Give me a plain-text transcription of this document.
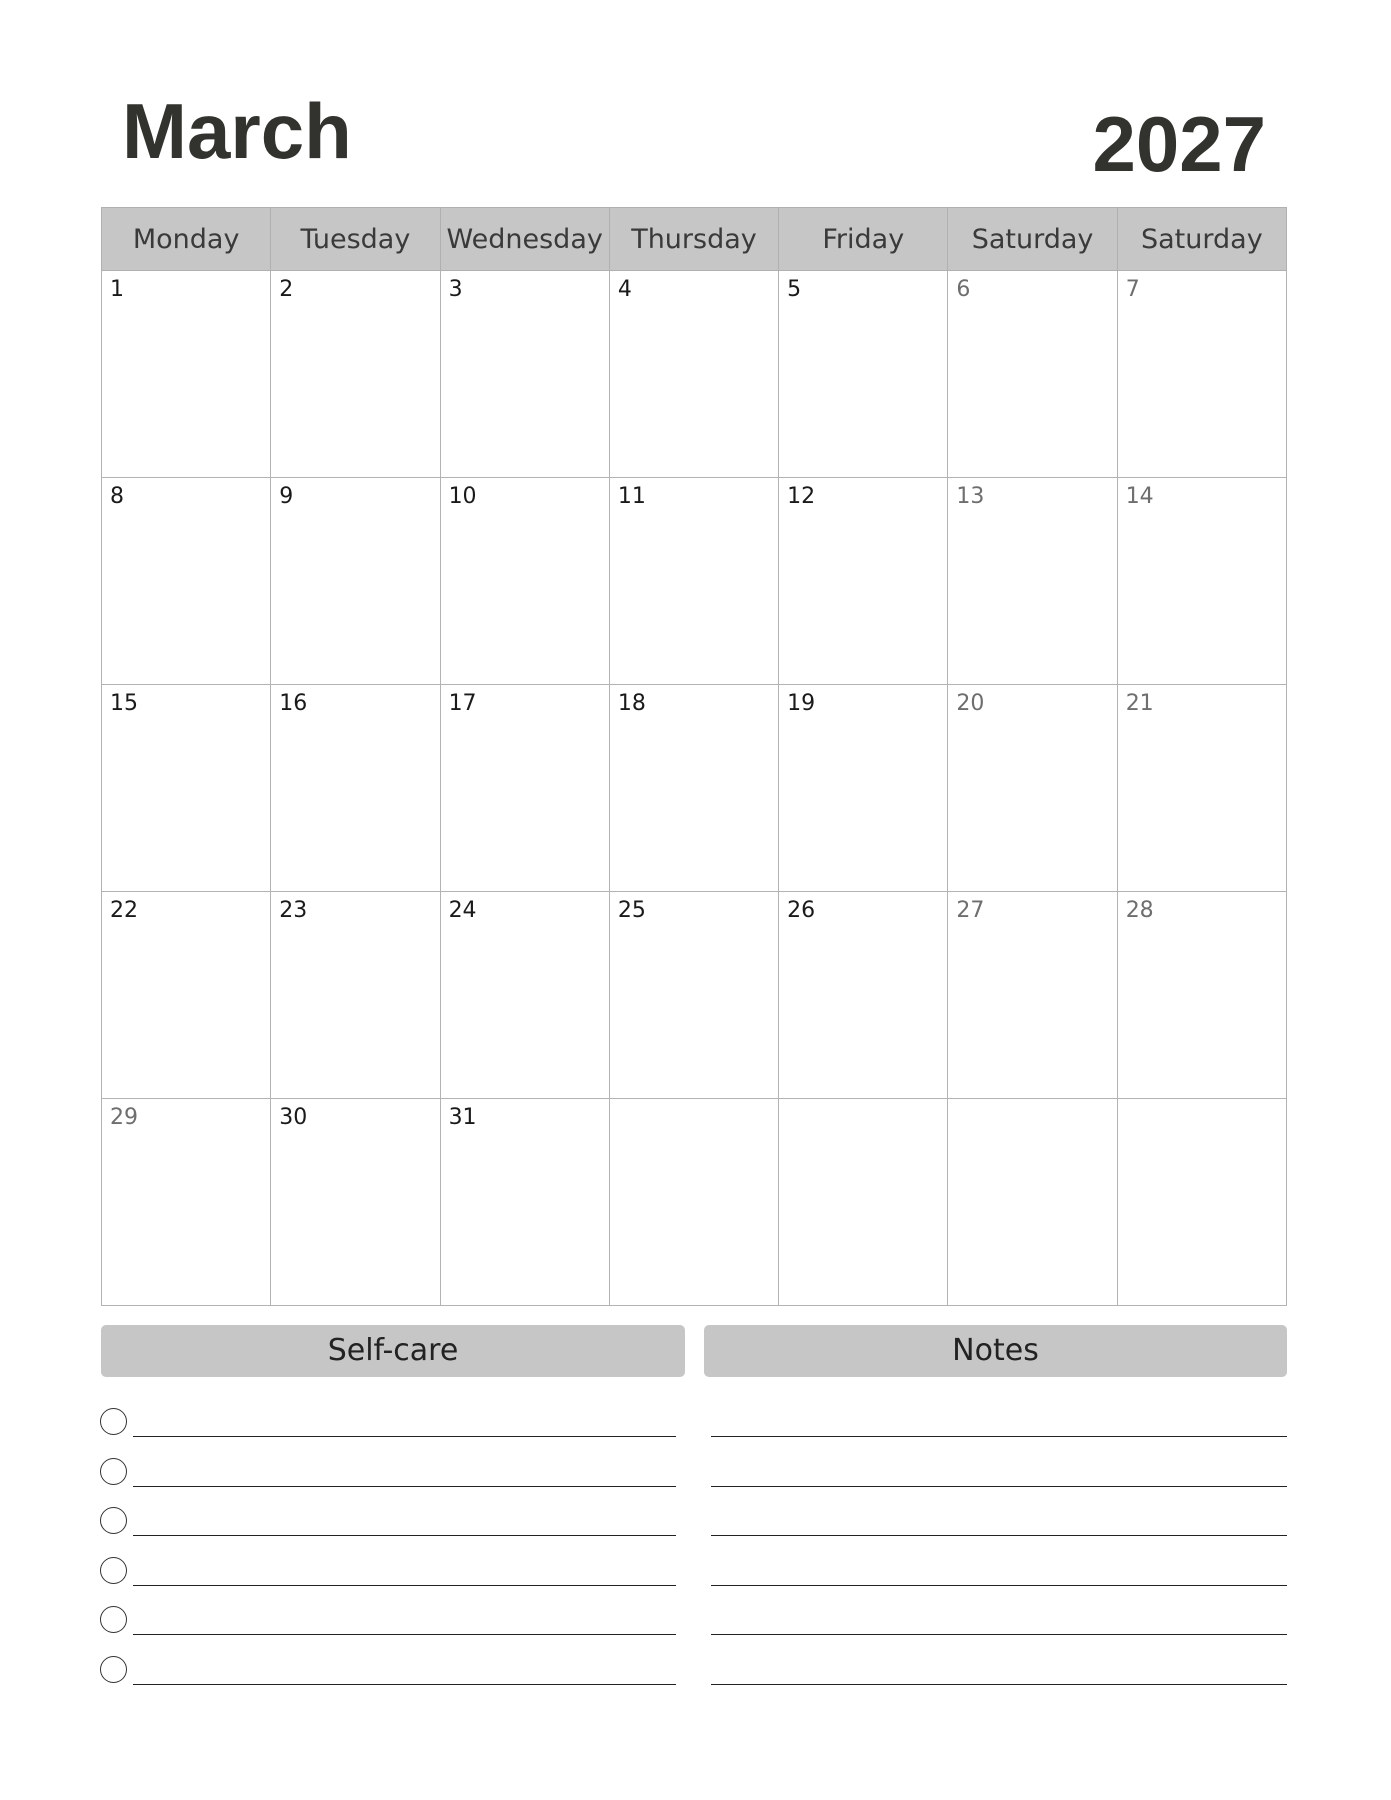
March	2027
Monday	Tuesday	Wednesday	Thursday	Friday	Saturday	Saturday

1	2	3	4	5	6	7

8	9	10	11	12	13	14

15	16	17	18	19	20	21

22	23	24	25	26	27	28

29	30	31				

Self-care	Notes
